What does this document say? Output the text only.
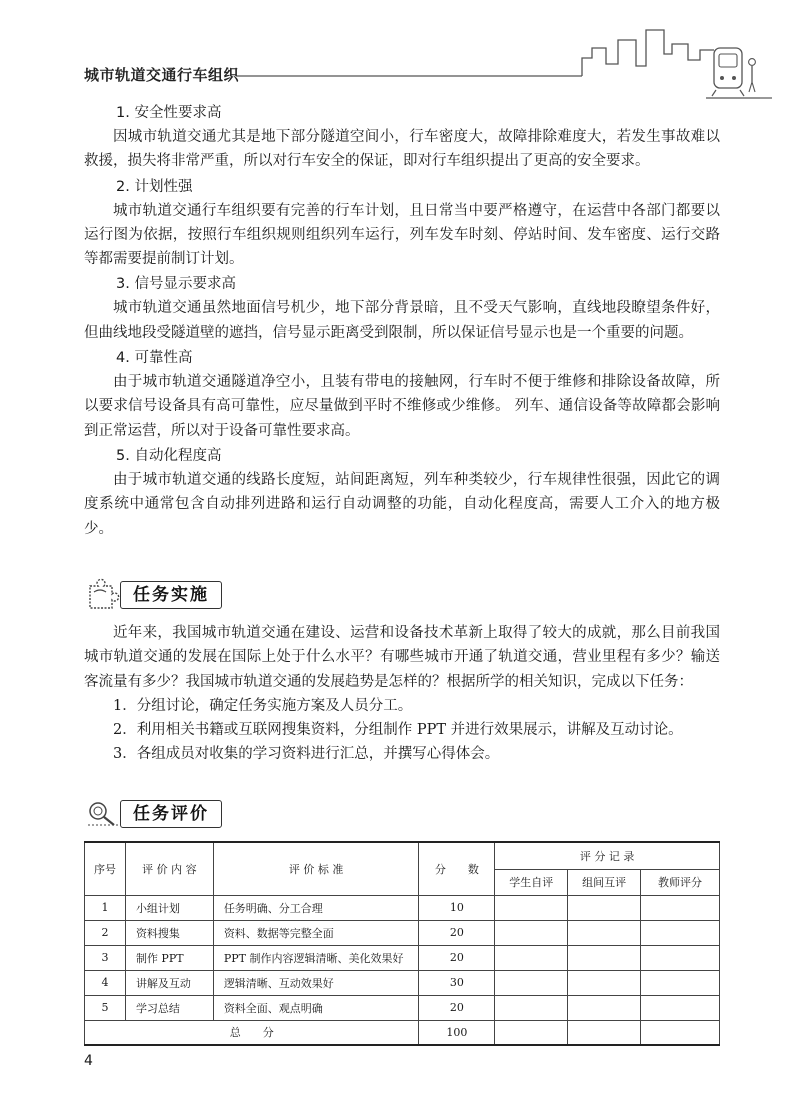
城市轨道交通行车组织
1. 安全性要求高

因城市轨道交通尤其是地下部分隧道空间小，行车密度大，故障排除难度大，若发生事故难以救援，损失将非常严重，所以对行车安全的保证，即对行车组织提出了更高的安全要求。

2. 计划性强

城市轨道交通行车组织要有完善的行车计划，且日常当中要严格遵守，在运营中各部门都要以运行图为依据，按照行车组织规则组织列车运行，列车发车时刻、停站时间、发车密度、运行交路等都需要提前制订计划。

3. 信号显示要求高

城市轨道交通虽然地面信号机少，地下部分背景暗，且不受天气影响，直线地段瞭望条件好，但曲线地段受隧道壁的遮挡，信号显示距离受到限制，所以保证信号显示也是一个重要的问题。

4. 可靠性高

由于城市轨道交通隧道净空小，且装有带电的接触网，行车时不便于维修和排除设备故障，所以要求信号设备具有高可靠性，应尽量做到平时不维修或少维修。 列车、通信设备等故障都会影响到正常运营，所以对于设备可靠性要求高。

5. 自动化程度高

由于城市轨道交通的线路长度短，站间距离短，列车种类较少，行车规律性很强，因此它的调度系统中通常包含自动排列进路和运行自动调整的功能，自动化程度高，需要人工介入的地方极少。

任务实施

近年来，我国城市轨道交通在建设、运营和设备技术革新上取得了较大的成就，那么目前我国城市轨道交通的发展在国际上处于什么水平？有哪些城市开通了轨道交通，营业里程有多少？输送客流量有多少？我国城市轨道交通的发展趋势是怎样的？根据所学的相关知识，完成以下任务：

1．分组讨论，确定任务实施方案及人员分工。
2．利用相关书籍或互联网搜集资料，分组制作 PPT 并进行效果展示，讲解及互动讨论。
3．各组成员对收集的学习资料进行汇总，并撰写心得体会。
任务评价
序号	评 价 内 容	评 价 标 准	分　　数	评 分 记 录		
				学生自评	组间互评	教师评分
1	小组计划	任务明确、分工合理	10			
2	资料搜集	资料、数据等完整全面	20			
3	制作 PPT	PPT 制作内容逻辑清晰、美化效果好	20			
4	讲解及互动	逻辑清晰、互动效果好	30			
5	学习总结	资料全面、观点明确	20			
总　　分			100			
4
